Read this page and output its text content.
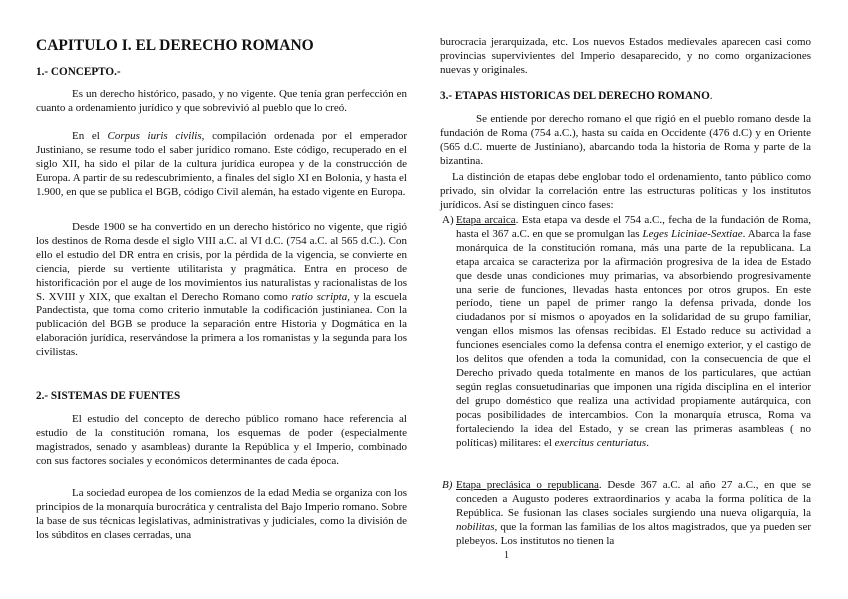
CAPITULO I. EL DERECHO ROMANO
1.- CONCEPTO.-

Es un derecho histórico, pasado, y no vigente. Que tenía gran perfección en cuanto a ordenamiento jurídico y que sobrevivió al pueblo que lo creó.

En el Corpus iuris civilis, compilación ordenada por el emperador Justiniano, se resume todo el saber jurídico romano. Este código, recuperado en el siglo XII, ha sido el pilar de la cultura jurídica europea y de la construcción de Europa. A partir de su redescubrimiento, a finales del siglo XI en Bolonia, y hasta el 1.900, en que se publica el BGB, código Civil alemán, ha estado vigente en Europa.

Desde 1900 se ha convertido en un derecho histórico no vigente, que rigió los destinos de Roma desde el siglo VIII a.C. al VI d.C. (754 a.C. al 565 d.C.). Con ello el estudio del DR entra en crisis, por la pérdida de la vigencia, se convierte en ciencia, pierde su vertiente utilitarista y pragmática. Entra en proceso de historificación por el auge de los movimientos ius naturalistas y racionalistas de los S. XVIII y XIX, que exaltan el Derecho Romano como ratio scripta, y la escuela Pandectista, que toma como criterio inmutable la codificación justinianea. Con la publicación del BGB se produce la separación entre Historia y Dogmática en la elaboración jurídica, reservándose la primera a los romanistas y la segunda para los civilistas.

2.- SISTEMAS DE FUENTES

El estudio del concepto de derecho público romano hace referencia al estudio de la constitución romana, los esquemas de poder (especialmente magistrados, senado y asambleas) durante la República y el Imperio, combinado con sus factores sociales y económicos determinantes de cada época.

La sociedad europea de los comienzos de la edad Media se organiza con los principios de la monarquía burocrática y centralista del Bajo Imperio romano. Sobre la base de sus técnicas legislativas, administrativas y judiciales, como la división de los súbditos en clases cerradas, una

burocracia jerarquizada, etc. Los nuevos Estados medievales aparecen casi como provincias supervivientes del Imperio desaparecido, y no como organizaciones nuevas y originales.

3.- ETAPAS HISTORICAS DEL DERECHO ROMANO.

Se entiende por derecho romano el que rigió en el pueblo romano desde la fundación de Roma (754 a.C.), hasta su caída en Occidente (476 d.C) y en Oriente (565 d.C. muerte de Justiniano), abarcando toda la historia de Roma y parte de la bizantina.

La distinción de etapas debe englobar todo el ordenamiento, tanto público como privado, sin olvidar la correlación entre las estructuras políticas y los institutos jurídicos. Así se distinguen cinco fases:

A) Etapa arcaica. Esta etapa va desde el 754 a.C., fecha de la fundación de Roma, hasta el 367 a.C. en que se promulgan las Leges Liciniae-Sextiae. Abarca la fase monárquica de la constitución romana, más una parte de la republicana. La etapa arcaica se caracteriza por la afirmación progresiva de la idea de Estado que desde unas condiciones muy primarias, va absorbiendo progresivamente una serie de funciones, llevadas hasta entonces por otros grupos. En este período, tiene un papel de primer rango la defensa privada, donde los ciudadanos por sí mismos o apoyados en la solidaridad de su grupo familiar, vengan ellos mismos las ofensas recibidas. El Estado reduce su actividad a funciones esenciales como la defensa contra el enemigo exterior, y el castigo de los delitos que ofenden a toda la comunidad, con la consecuencia de que el Derecho privado queda totalmente en manos de los particulares, que actúan según reglas consuetudinarias que imponen una rígida disciplina en el interior del grupo doméstico que realiza una actividad propiamente autárquica, con pocas posibilidades de intercambios. Con la monarquía etrusca, Roma va fortaleciendo la idea del Estado, y se crean las primeras asambleas ( no políticas) militares: el exercitus centuriatus.

B) Etapa preclásica o republicana. Desde 367 a.C. al año 27 a.C., en que se conceden a Augusto poderes extraordinarios y acaba la forma política de la República. Se fusionan las clases sociales surgiendo una nueva oligarquía, la nobilitas, que la forman las familias de los altos magistrados, que ya pueden ser plebeyos. Los institutos no tienen la

1
